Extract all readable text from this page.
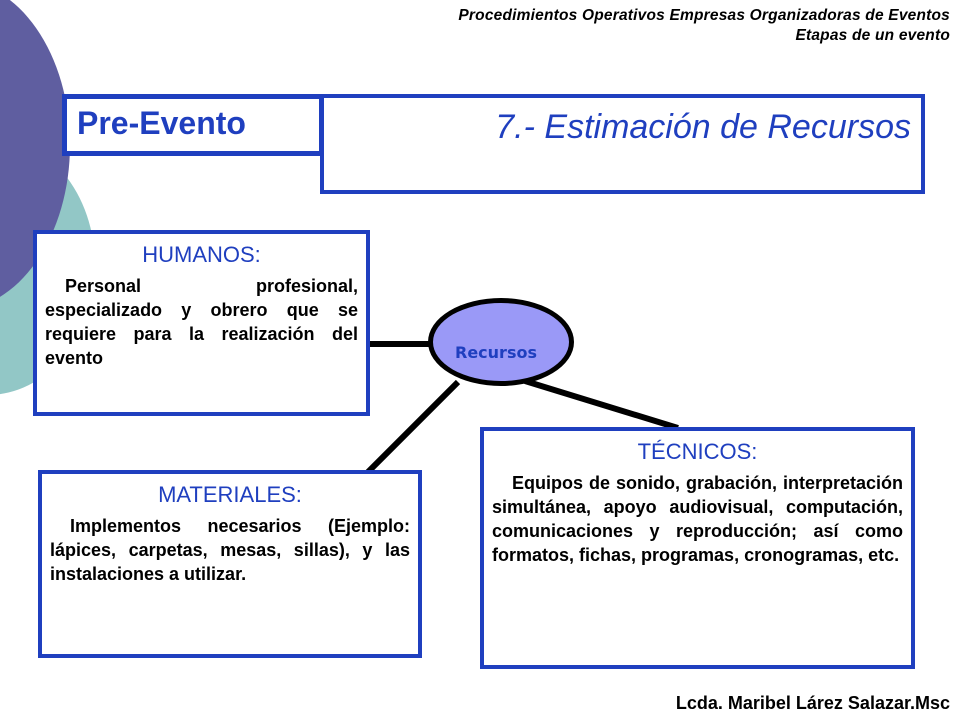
Procedimientos Operativos Empresas Organizadoras de Eventos
Etapas de un evento
7.- Estimación de Recursos
Pre-Evento
HUMANOS:
Personal profesional, especializado y obrero que se requiere para la realización del evento
MATERIALES:
Implementos necesarios (Ejemplo: lápices, carpetas, mesas, sillas), y las instalaciones a utilizar.
TÉCNICOS:
Equipos de sonido, grabación, interpretación simultánea, apoyo audiovisual, computación, comunicaciones y reproducción; así como formatos, fichas, programas, cronogramas, etc.
Recursos
Lcda. Maribel Lárez Salazar.Msc
